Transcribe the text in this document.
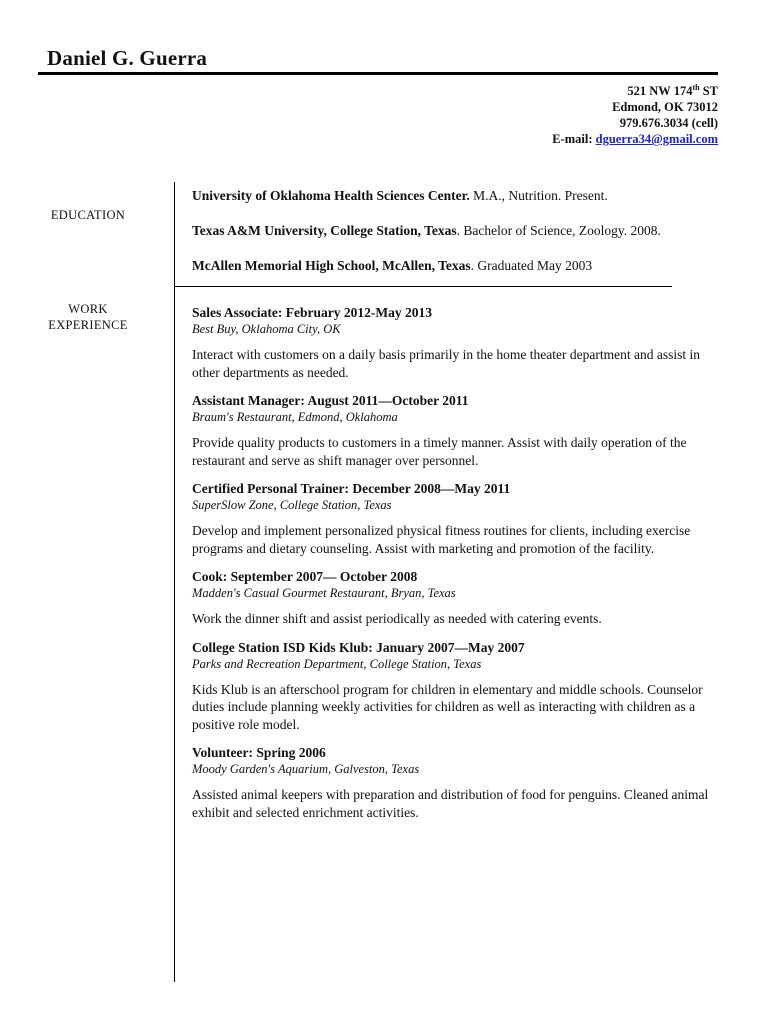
Daniel G. Guerra
521 NW 174th ST
Edmond, OK 73012
979.676.3034 (cell)
E-mail: dguerra34@gmail.com
EDUCATION
WORK
EXPERIENCE
University of Oklahoma Health Sciences Center. M.A., Nutrition. Present.
Texas A&M University, College Station, Texas. Bachelor of Science, Zoology. 2008.
McAllen Memorial High School, McAllen, Texas. Graduated May 2003
Sales Associate: February 2012-May 2013
Best Buy, Oklahoma City, OK
Interact with customers on a daily basis primarily in the home theater department and assist in other departments as needed.
Assistant Manager: August 2011—October 2011
Braum's Restaurant, Edmond, Oklahoma
Provide quality products to customers in a timely manner. Assist with daily operation of the restaurant and serve as shift manager over personnel.
Certified Personal Trainer: December 2008—May 2011
SuperSlow Zone, College Station, Texas
Develop and implement personalized physical fitness routines for clients, including exercise programs and dietary counseling. Assist with marketing and promotion of the facility.
Cook: September 2007— October 2008
Madden's Casual Gourmet Restaurant, Bryan, Texas
Work the dinner shift and assist periodically as needed with catering events.
College Station ISD Kids Klub: January 2007—May 2007
Parks and Recreation Department, College Station, Texas
Kids Klub is an afterschool program for children in elementary and middle schools. Counselor duties include planning weekly activities for children as well as interacting with children as a positive role model.
Volunteer: Spring 2006
Moody Garden's Aquarium, Galveston, Texas
Assisted animal keepers with preparation and distribution of food for penguins. Cleaned animal exhibit and selected enrichment activities.
